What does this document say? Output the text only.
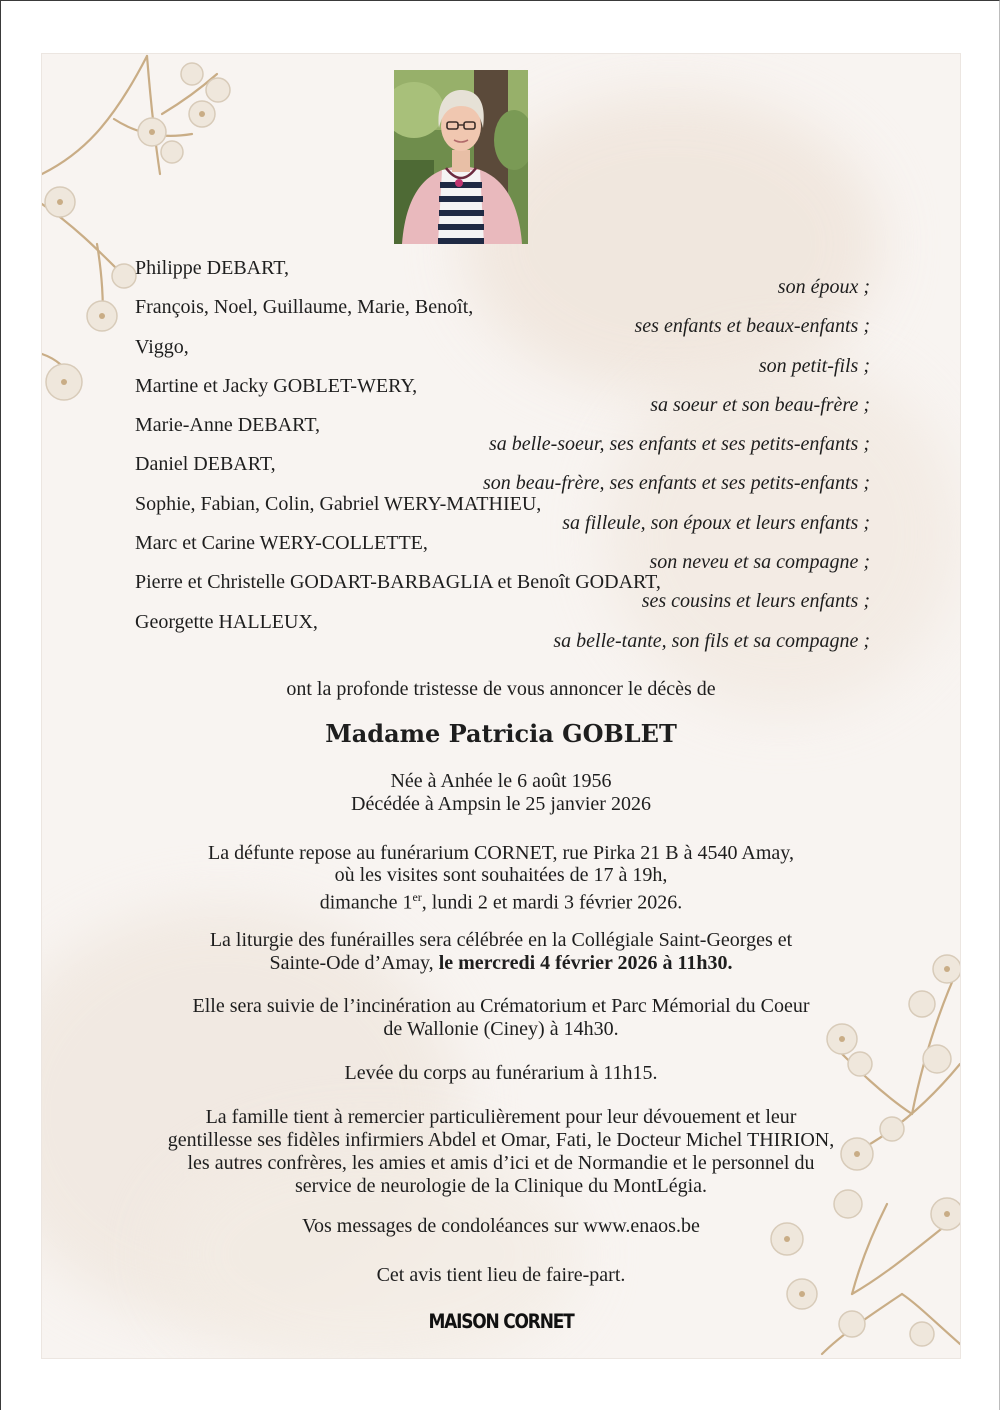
Philippe DEBART,
son époux ;
François, Noel, Guillaume, Marie, Benoît,
ses enfants et beaux-enfants ;
Viggo,
son petit-fils ;
Martine et Jacky GOBLET-WERY,
sa soeur et son beau-frère ;
Marie-Anne DEBART,
sa belle-soeur, ses enfants et ses petits-enfants ;
Daniel DEBART,
son beau-frère, ses enfants et ses petits-enfants ;
Sophie, Fabian, Colin, Gabriel WERY-MATHIEU,
sa filleule, son époux et leurs enfants ;
Marc et Carine WERY-COLLETTE,
son neveu et sa compagne ;
Pierre et Christelle GODART-BARBAGLIA et Benoît GODART,
ses cousins et leurs enfants ;
Georgette HALLEUX,
sa belle-tante, son fils et sa compagne ;
ont la profonde tristesse de vous annoncer le décès de
Madame Patricia GOBLET
Née à Anhée le 6 août 1956
Décédée à Ampsin le 25 janvier 2026
La défunte repose au funérarium CORNET, rue Pirka 21 B à 4540 Amay,
où les visites sont souhaitées de 17 à 19h,
dimanche 1er, lundi 2 et mardi 3 février 2026.
La liturgie des funérailles sera célébrée en la Collégiale Saint-Georges et
Sainte-Ode d’Amay, le mercredi 4 février 2026 à 11h30.
Elle sera suivie de l’incinération au Crématorium et Parc Mémorial du Coeur
de Wallonie (Ciney) à 14h30.
Levée du corps au funérarium à 11h15.
La famille tient à remercier particulièrement pour leur dévouement et leur
gentillesse ses fidèles infirmiers Abdel et Omar, Fati, le Docteur Michel THIRION,
les autres confrères, les amies et amis d’ici et de Normandie et le personnel du
service de neurologie de la Clinique du MontLégia.
Vos messages de condoléances sur www.enaos.be
Cet avis tient lieu de faire-part.
MAISON CORNET
